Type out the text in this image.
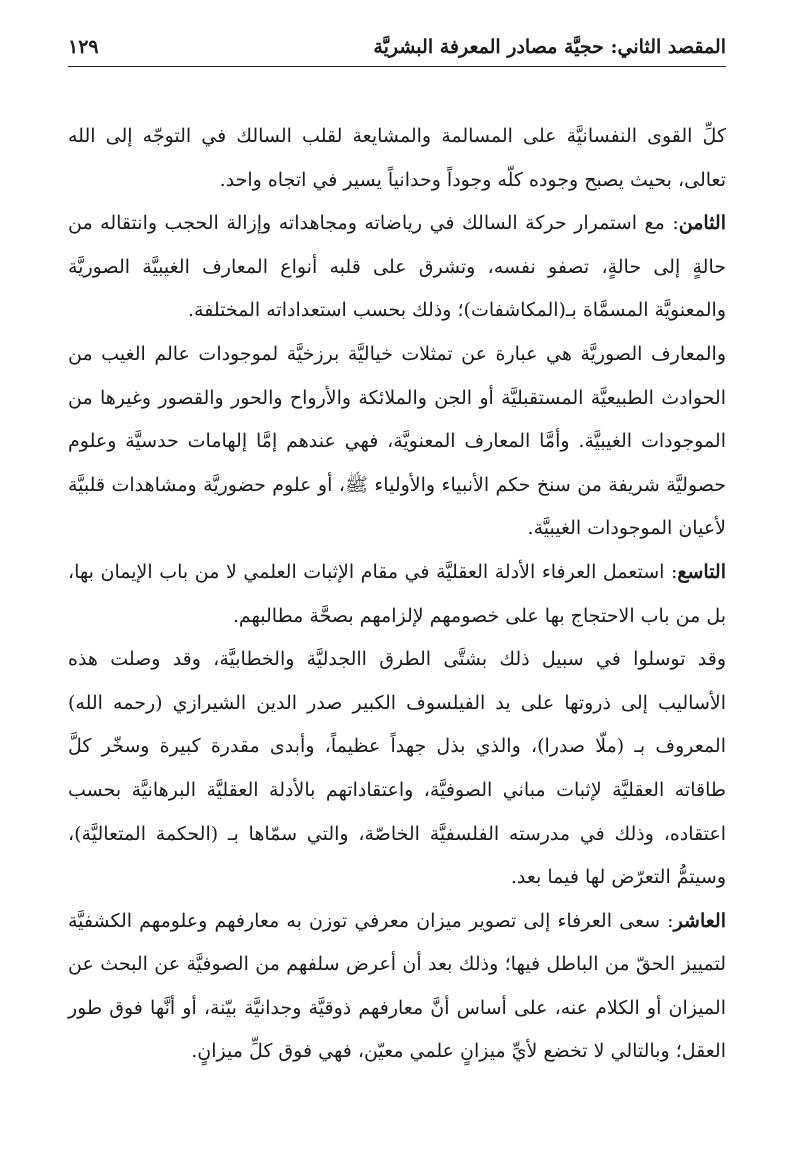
المقصد الثاني: حجيَّة مصادر المعرفة البشريَّة
١٢٩

كلِّ القوى النفسانيَّة على المسالمة والمشايعة لقلب السالك في التوجّه إلى الله تعالى، بحيث يصبح وجوده كلّه وجوداً وحدانياً يسير في اتجاه واحد.

الثامن: مع استمرار حركة السالك في رياضاته ومجاهداته وإزالة الحجب وانتقاله من حالةٍ إلى حالةٍ، تصفو نفسه، وتشرق على قلبه أنواع المعارف الغيبيَّة الصوريَّة والمعنويَّة المسمَّاة بـ(المكاشفات)؛ وذلك بحسب استعداداته المختلفة.

والمعارف الصوريَّة هي عبارة عن تمثلات خياليَّة برزخيَّة لموجودات عالم الغيب من الحوادث الطبيعيَّة المستقبليَّة أو الجن والملائكة والأرواح والحور والقصور وغيرها من الموجودات الغيبيَّة. وأمَّا المعارف المعنويَّة، فهي عندهم إمَّا إلهامات حدسيَّة وعلوم حصوليَّة شريفة من سنخ حكم الأنبياء والأولياء ﷺ، أو علوم حضوريَّة ومشاهدات قلبيَّة لأعيان الموجودات الغيبيَّة.

التاسع: استعمل العرفاء الأدلة العقليَّة في مقام الإثبات العلمي لا من باب الإيمان بها، بل من باب الاحتجاج بها على خصومهم لإلزامهم بصحَّة مطالبهم.

وقد توسلوا في سبيل ذلك بشتَّى الطرق االجدليَّة والخطابيَّة، وقد وصلت هذه الأساليب إلى ذروتها على يد الفيلسوف الكبير صدر الدين الشيرازي (رحمه الله) المعروف بـ (ملّا صدرا)، والذي بذل جهداً عظيماً، وأبدى مقدرة كبيرة وسخّر كلَّ طاقاته العقليَّة لإثبات مباني الصوفيَّة، واعتقاداتهم بالأدلة العقليَّة البرهانيَّة بحسب اعتقاده، وذلك في مدرسته الفلسفيَّة الخاصّة، والتي سمّاها بـ (الحكمة المتعاليَّة)، وسيتمُّ التعرّض لها فيما بعد.

العاشر: سعى العرفاء إلى تصوير ميزان معرفي توزن به معارفهم وعلومهم الكشفيَّة لتمييز الحقّ من الباطل فيها؛ وذلك بعد أن أعرض سلفهم من الصوفيَّة عن البحث عن الميزان أو الكلام عنه، على أساس أنَّ معارفهم ذوقيَّة وجدانيَّة بيّنة، أو أنَّها فوق طور العقل؛ وبالتالي لا تخضع لأيِّ ميزانٍ علمي معيّن، فهي فوق كلِّ ميزانٍ.
